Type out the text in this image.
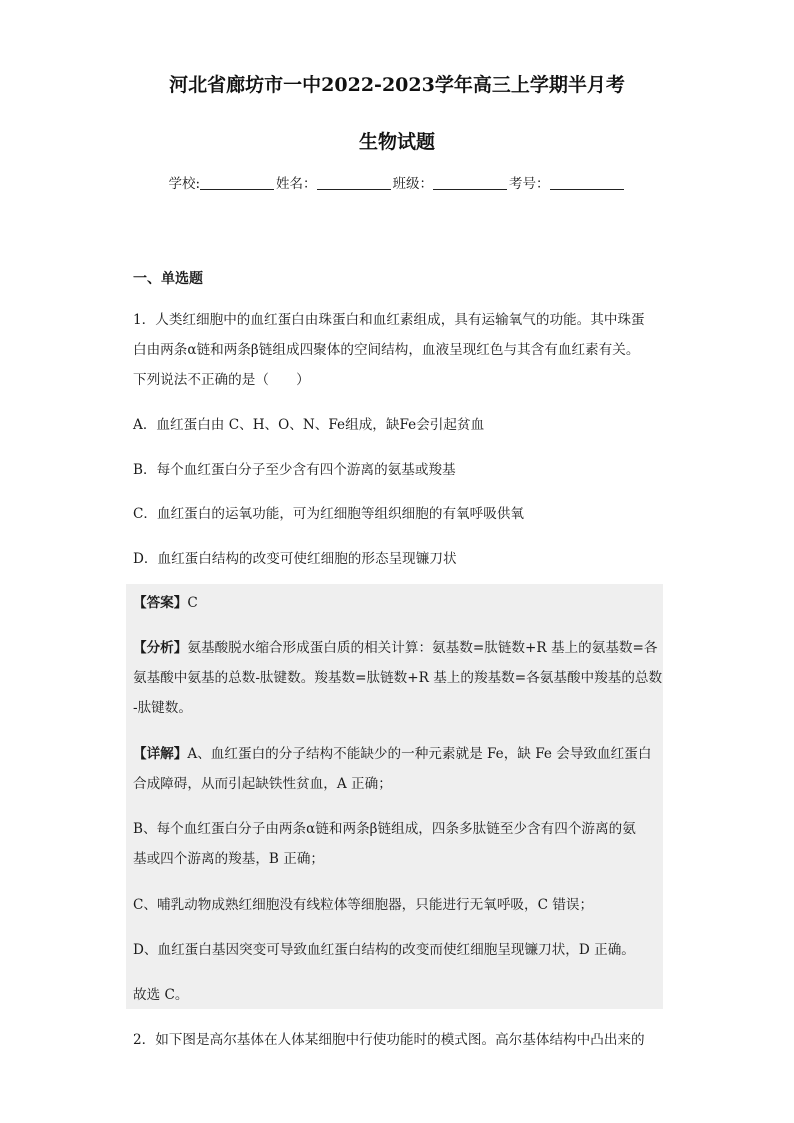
河北省廊坊市一中2022-2023学年高三上学期半月考
生物试题
学校:	姓名：	班级：	考号：
一、单选题
1．人类红细胞中的血红蛋白由珠蛋白和血红素组成，具有运输氧气的功能。其中珠蛋
白由两条α链和两条β链组成四聚体的空间结构，血液呈现红色与其含有血红素有关。
下列说法不正确的是（　　）
A．血红蛋白由 C、H、O、N、Fe组成，缺Fe会引起贫血
B．每个血红蛋白分子至少含有四个游离的氨基或羧基
C．血红蛋白的运氧功能，可为红细胞等组织细胞的有氧呼吸供氧
D．血红蛋白结构的改变可使红细胞的形态呈现镰刀状
【答案】C
【分析】氨基酸脱水缩合形成蛋白质的相关计算：氨基数=肽链数+R 基上的氨基数=各
氨基酸中氨基的总数-肽键数。羧基数=肽链数+R 基上的羧基数=各氨基酸中羧基的总数
-肽键数。
【详解】A、血红蛋白的分子结构不能缺少的一种元素就是 Fe，缺 Fe 会导致血红蛋白
合成障碍，从而引起缺铁性贫血，A 正确；
B、每个血红蛋白分子由两条α链和两条β链组成，四条多肽链至少含有四个游离的氨
基或四个游离的羧基，B 正确；
C、哺乳动物成熟红细胞没有线粒体等细胞器，只能进行无氧呼吸，C 错误；
D、血红蛋白基因突变可导致血红蛋白结构的改变而使红细胞呈现镰刀状，D 正确。
故选 C。
2．如下图是高尔基体在人体某细胞中行使功能时的模式图。高尔基体结构中凸出来的
